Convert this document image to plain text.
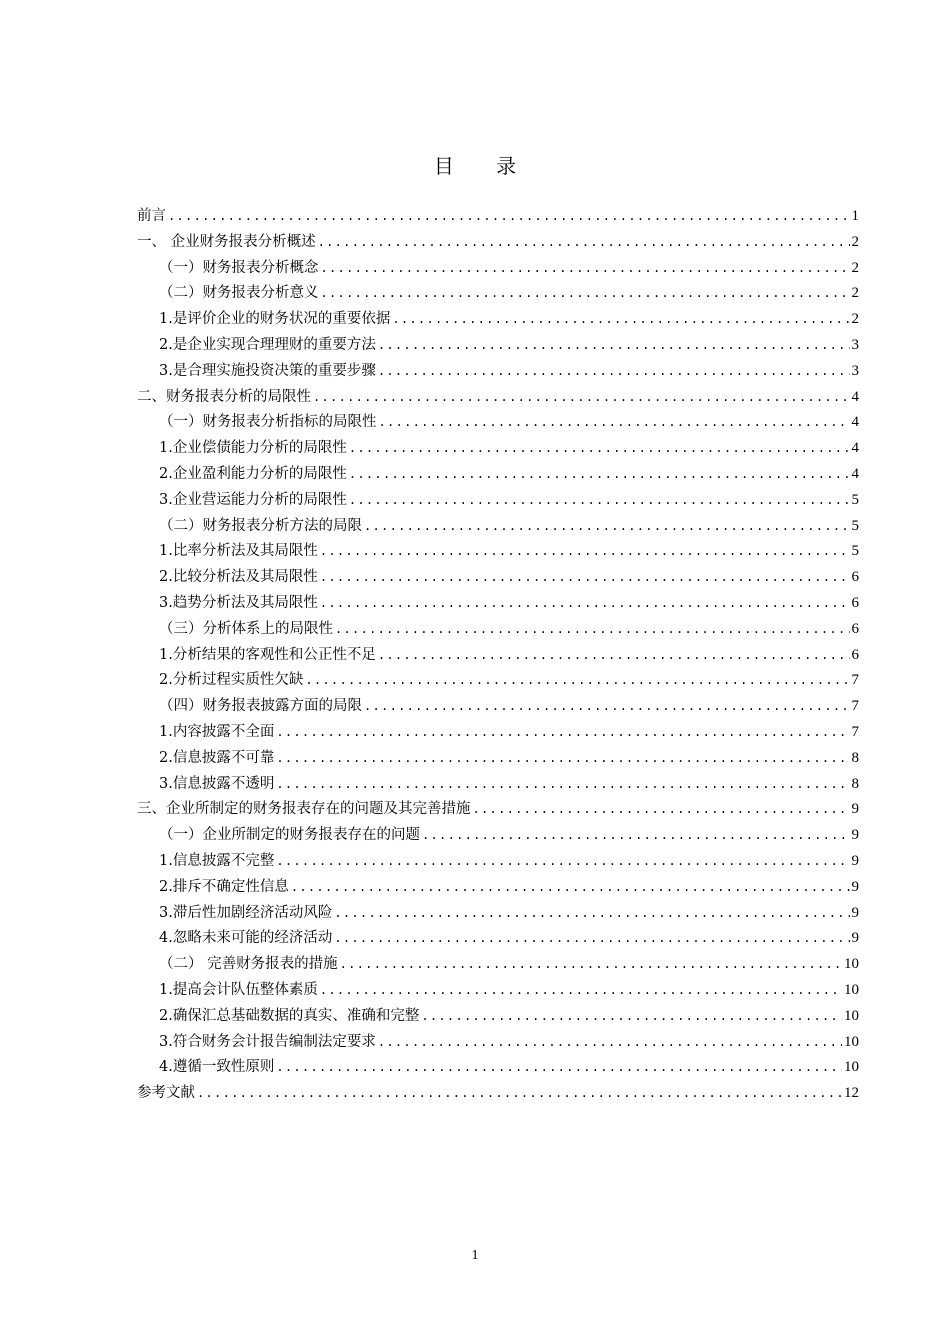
目 录
前言 .....	1
一、 企业财务报表分析概述 .....	2
（一）财务报表分析概念 .....	2
（二）财务报表分析意义 .....	2
1.是评价企业的财务状况的重要依据 .....	2
2.是企业实现合理理财的重要方法 .....	3
3.是合理实施投资决策的重要步骤 .....	3
二、财务报表分析的局限性 .....	4
（一）财务报表分析指标的局限性 .....	4
1.企业偿债能力分析的局限性 .....	4
2.企业盈利能力分析的局限性 .....	4
3.企业营运能力分析的局限性 .....	5
（二）财务报表分析方法的局限 .....	5
1.比率分析法及其局限性 .....	5
2.比较分析法及其局限性 .....	6
3.趋势分析法及其局限性 .....	6
（三）分析体系上的局限性 .....	6
1.分析结果的客观性和公正性不足 .....	6
2.分析过程实质性欠缺 .....	7
（四）财务报表披露方面的局限 .....	7
1.内容披露不全面 .....	7
2.信息披露不可靠 .....	8
3.信息披露不透明 .....	8
三、企业所制定的财务报表存在的问题及其完善措施 .....	9
（一）企业所制定的财务报表存在的问题 .....	9
1.信息披露不完整 .....	9
2.排斥不确定性信息 .....	9
3.滞后性加剧经济活动风险 .....	9
4.忽略未来可能的经济活动 .....	9
（二） 完善财务报表的措施 .....	10
1.提高会计队伍整体素质 .....	10
2.确保汇总基础数据的真实、准确和完整 .....	10
3.符合财务会计报告编制法定要求 .....	10
4.遵循一致性原则 .....	10
参考文献 .....	12
1
